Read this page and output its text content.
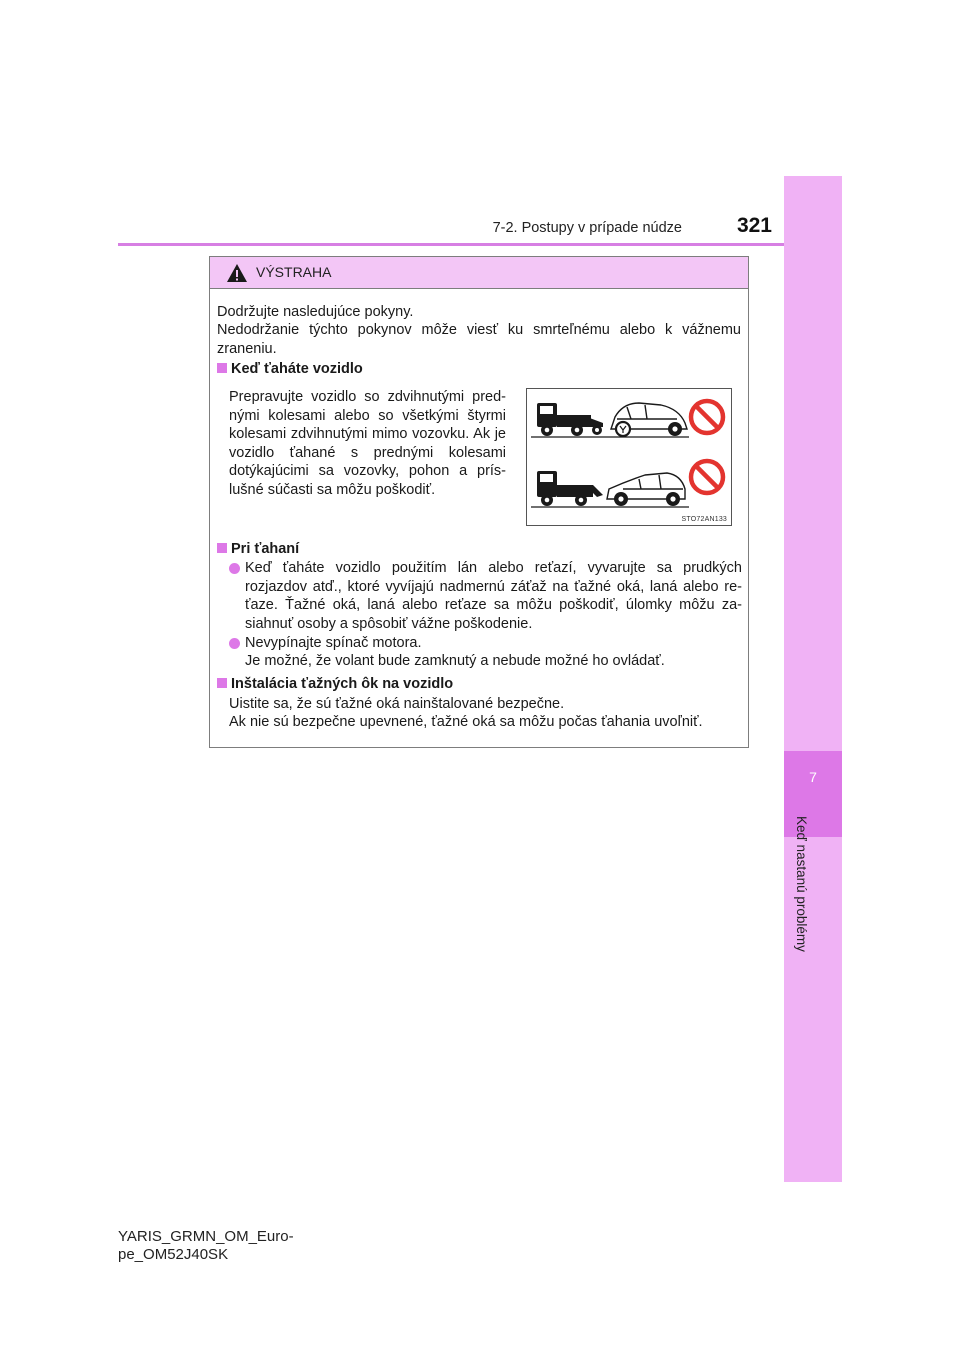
7-2. Postupy v prípade núdze	321
7
Keď nastanú problémy
VÝSTRAHA
Dodržujte nasledujúce pokyny.
Nedodržanie týchto pokynov môže viesť ku smrteľnému alebo k vážnemu zraneniu.
Keď ťaháte vozidlo
Prepravujte vozidlo so zdvihnutými pred-nými kolesami alebo so všetkými štyrmi kolesami zdvihnutými mimo vozovku. Ak je vozidlo ťahané s prednými kolesami dotýkajúcimi sa vozovky, pohon a prís-lušné súčasti sa môžu poškodiť.
STO72AN133
Pri ťahaní
Keď ťaháte vozidlo použitím lán alebo reťazí, vyvarujte sa prudkých rozjazdov atď., ktoré vyvíjajú nadmernú záťaž na ťažné oká, laná alebo re-ťaze. Ťažné oká, laná alebo reťaze sa môžu poškodiť, úlomky môžu za-siahnuť osoby a spôsobiť vážne poškodenie.
Nevypínajte spínač motora.
Je možné, že volant bude zamknutý a nebude možné ho ovládať.
Inštalácia ťažných ôk na vozidlo
Uistite sa, že sú ťažné oká nainštalované bezpečne.
Ak nie sú bezpečne upevnené, ťažné oká sa môžu počas ťahania uvoľniť.
YARIS_GRMN_OM_Euro-
pe_OM52J40SK
